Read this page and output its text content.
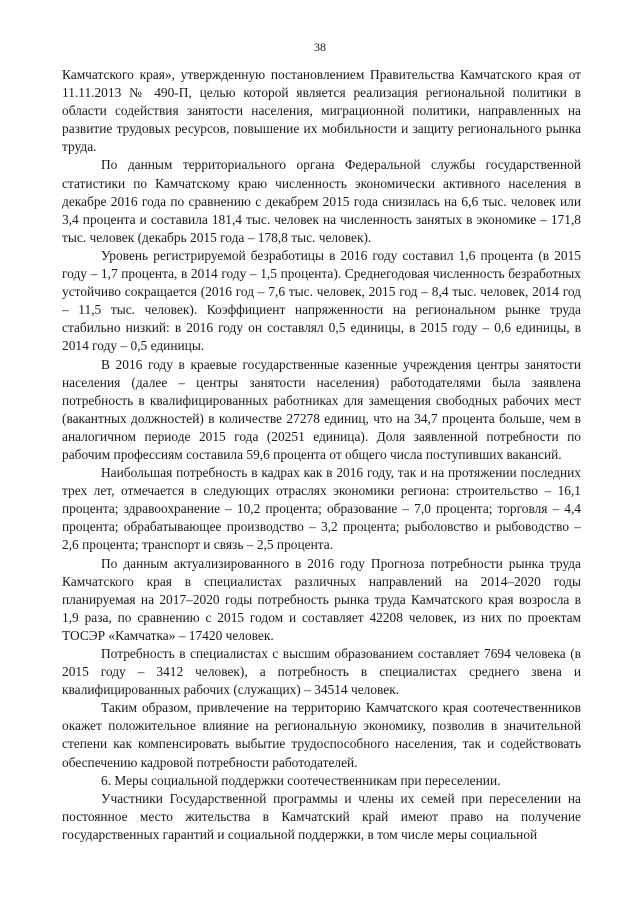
38

Камчатского края», утвержденную постановлением Правительства Камчатского края от 11.11.2013 № 490-П, целью которой является реализация региональной политики в области содействия занятости населения, миграционной политики, направленных на развитие трудовых ресурсов, повышение их мобильности и защиту регионального рынка труда.

По данным территориального органа Федеральной службы государственной статистики по Камчатскому краю численность экономически активного населения в декабре 2016 года по сравнению с декабрем 2015 года снизилась на 6,6 тыс. человек или 3,4 процента и составила 181,4 тыс. человек на численность занятых в экономике – 171,8 тыс. человек (декабрь 2015 года – 178,8 тыс. человек).

Уровень регистрируемой безработицы в 2016 году составил 1,6 процента (в 2015 году – 1,7 процента, в 2014 году – 1,5 процента). Среднегодовая численность безработных устойчиво сокращается (2016 год – 7,6 тыс. человек, 2015 год – 8,4 тыс. человек, 2014 год – 11,5 тыс. человек). Коэффициент напряженности на региональном рынке труда стабильно низкий: в 2016 году он составлял 0,5 единицы, в 2015 году – 0,6 единицы, в 2014 году – 0,5 единицы.

В 2016 году в краевые государственные казенные учреждения центры занятости населения (далее – центры занятости населения) работодателями была заявлена потребность в квалифицированных работниках для замещения свободных рабочих мест (вакантных должностей) в количестве 27278 единиц, что на 34,7 процента больше, чем в аналогичном периоде 2015 года (20251 единица). Доля заявленной потребности по рабочим профессиям составила 59,6 процента от общего числа поступивших вакансий.

Наибольшая потребность в кадрах как в 2016 году, так и на протяжении последних трех лет, отмечается в следующих отраслях экономики региона: строительство – 16,1 процента; здравоохранение – 10,2 процента; образование – 7,0 процента; торговля – 4,4 процента; обрабатывающее производство – 3,2 процента; рыболовство и рыбоводство – 2,6 процента; транспорт и связь – 2,5 процента.

По данным актуализированного в 2016 году Прогноза потребности рынка труда Камчатского края в специалистах различных направлений на 2014–2020 годы планируемая на 2017–2020 годы потребность рынка труда Камчатского края возросла в 1,9 раза, по сравнению с 2015 годом и составляет 42208 человек, из них по проектам ТОСЭР «Камчатка» – 17420 человек.

Потребность в специалистах с высшим образованием составляет 7694 человека (в 2015 году – 3412 человек), а потребность в специалистах среднего звена и квалифицированных рабочих (служащих) – 34514 человек.

Таким образом, привлечение на территорию Камчатского края соотечественников окажет положительное влияние на региональную экономику, позволив в значительной степени как компенсировать выбытие трудоспособного населения, так и содействовать обеспечению кадровой потребности работодателей.

6. Меры социальной поддержки соотечественникам при переселении.

Участники Государственной программы и члены их семей при переселении на постоянное место жительства в Камчатский край имеют право на получение государственных гарантий и социальной поддержки, в том числе меры социальной
